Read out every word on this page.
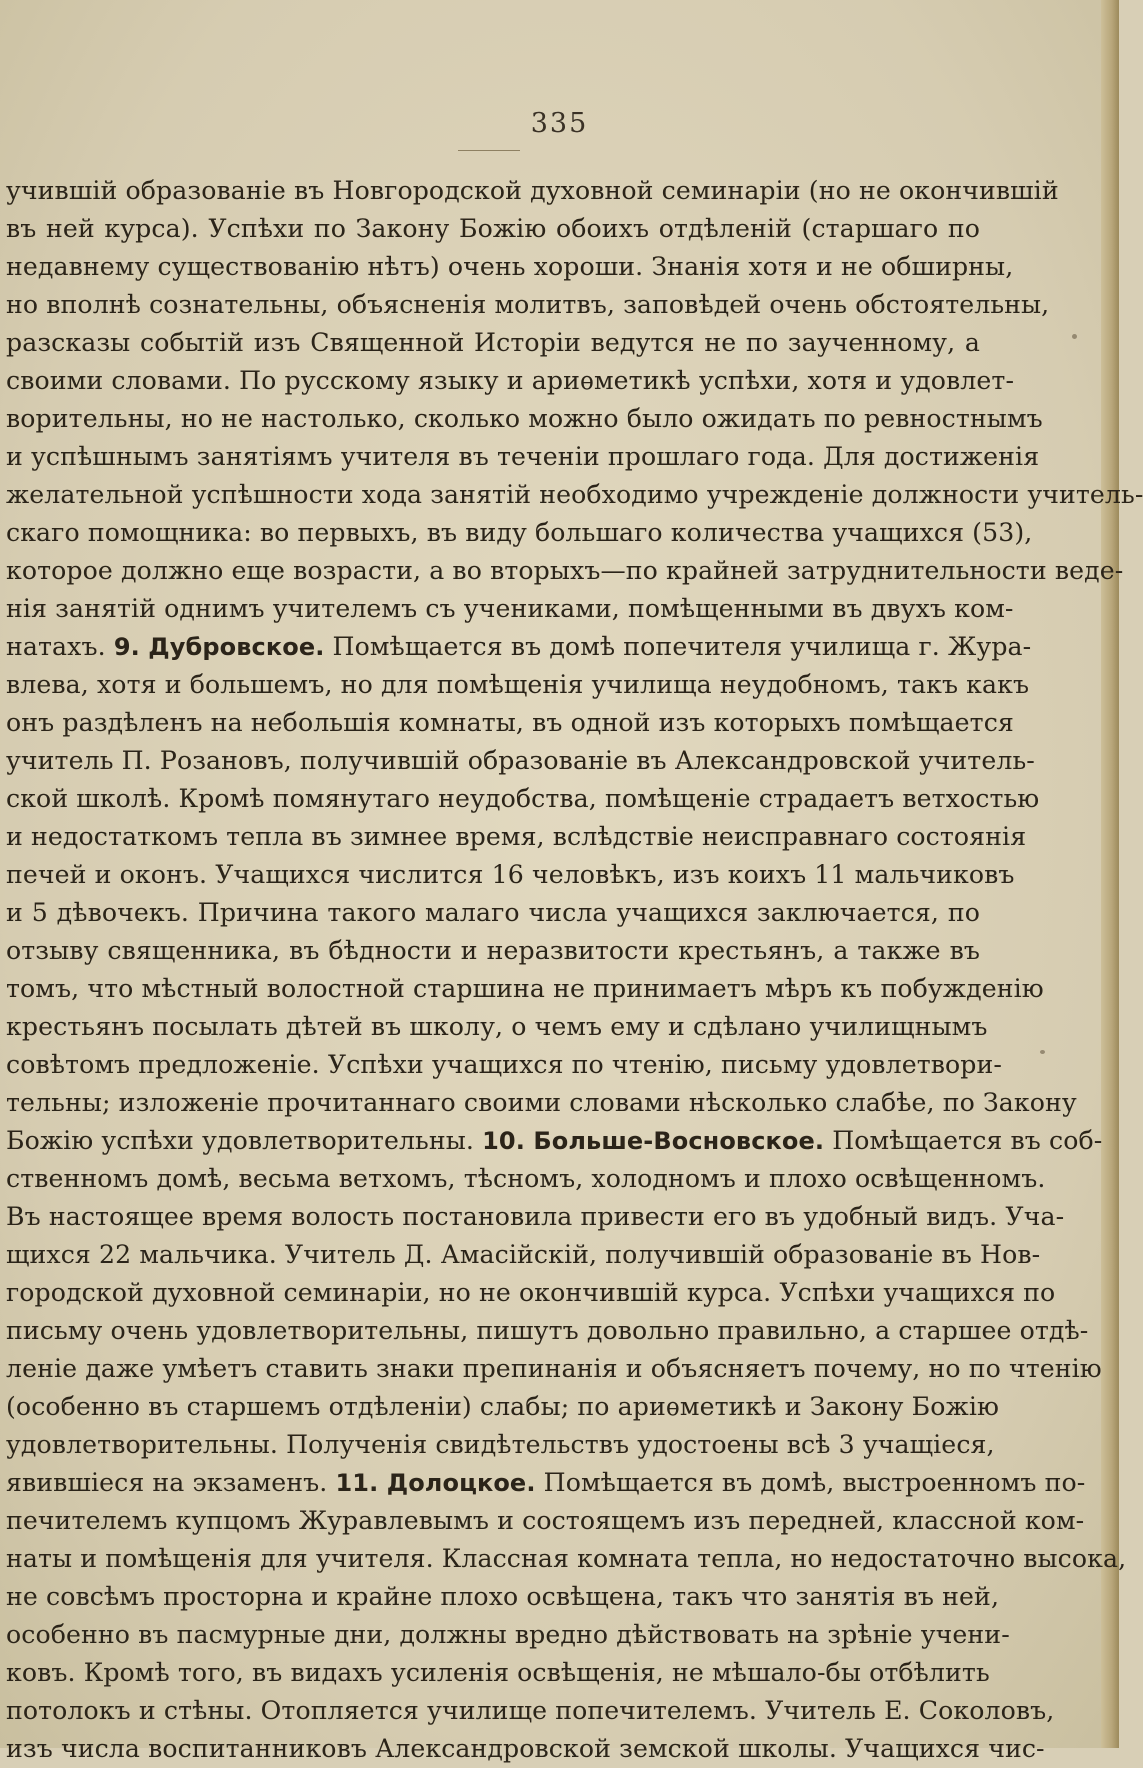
335
учившій образованіе въ Новгородской духовной семинаріи (но не окончившій
въ ней курса). Успѣхи по Закону Божію обоихъ отдѣленій (старшаго по
недавнему существованію нѣтъ) очень хороши. Знанія хотя и не обширны,
но вполнѣ сознательны, объясненія молитвъ, заповѣдей очень обстоятельны,
разсказы событій изъ Священной Исторіи ведутся не по заученному, а
своими словами. По русскому языку и ариѳметикѣ успѣхи, хотя и удовлет-
ворительны, но не настолько, сколько можно было ожидать по ревностнымъ
и успѣшнымъ занятіямъ учителя въ теченіи прошлаго года. Для достиженія
желательной успѣшности хода занятій необходимо учрежденіе должности учитель-
скаго помощника: во первыхъ, въ виду большаго количества учащихся (53),
которое должно еще возрасти, а во вторыхъ—по крайней затруднительности веде-
нія занятій однимъ учителемъ съ учениками, помѣщенными въ двухъ ком-
натахъ. 9. Дубровское. Помѣщается въ домѣ попечителя училища г. Жура-
влева, хотя и большемъ, но для помѣщенія училища неудобномъ, такъ какъ
онъ раздѣленъ на небольшія комнаты, въ одной изъ которыхъ помѣщается
учитель П. Розановъ, получившій образованіе въ Александровской учитель-
ской школѣ. Кромѣ помянутаго неудобства, помѣщеніе страдаетъ ветхостью
и недостаткомъ тепла въ зимнее время, вслѣдствіе неисправнаго состоянія
печей и оконъ. Учащихся числится 16 человѣкъ, изъ коихъ 11 мальчиковъ
и 5 дѣвочекъ. Причина такого малаго числа учащихся заключается, по
отзыву священника, въ бѣдности и неразвитости крестьянъ, а также въ
томъ, что мѣстный волостной старшина не принимаетъ мѣръ къ побужденію
крестьянъ посылать дѣтей въ школу, о чемъ ему и сдѣлано училищнымъ
совѣтомъ предложеніе. Успѣхи учащихся по чтенію, письму удовлетвори-
тельны; изложеніе прочитаннаго своими словами нѣсколько слабѣе, по Закону
Божію успѣхи удовлетворительны. 10. Больше-Восновское. Помѣщается въ соб-
ственномъ домѣ, весьма ветхомъ, тѣсномъ, холодномъ и плохо освѣщенномъ.
Въ настоящее время волость постановила привести его въ удобный видъ. Уча-
щихся 22 мальчика. Учитель Д. Амасійскій, получившій образованіе въ Нов-
городской духовной семинаріи, но не окончившій курса. Успѣхи учащихся по
письму очень удовлетворительны, пишутъ довольно правильно, а старшее отдѣ-
леніе даже умѣетъ ставить знаки препинанія и объясняетъ почему, но по чтенію
(особенно въ старшемъ отдѣленіи) слабы; по ариѳметикѣ и Закону Божію
удовлетворительны. Полученія свидѣтельствъ удостоены всѣ 3 учащіеся,
явившіеся на экзаменъ. 11. Долоцкое. Помѣщается въ домѣ, выстроенномъ по-
печителемъ купцомъ Журавлевымъ и состоящемъ изъ передней, классной ком-
наты и помѣщенія для учителя. Классная комната тепла, но недостаточно высока,
не совсѣмъ просторна и крайне плохо освѣщена, такъ что занятія въ ней,
особенно въ пасмурные дни, должны вредно дѣйствовать на зрѣніе учени-
ковъ. Кромѣ того, въ видахъ усиленія освѣщенія, не мѣшало-бы отбѣлить
потолокъ и стѣны. Отопляется училище попечителемъ. Учитель Е. Соколовъ,
изъ числа воспитанниковъ Александровской земской школы. Учащихся чис-
